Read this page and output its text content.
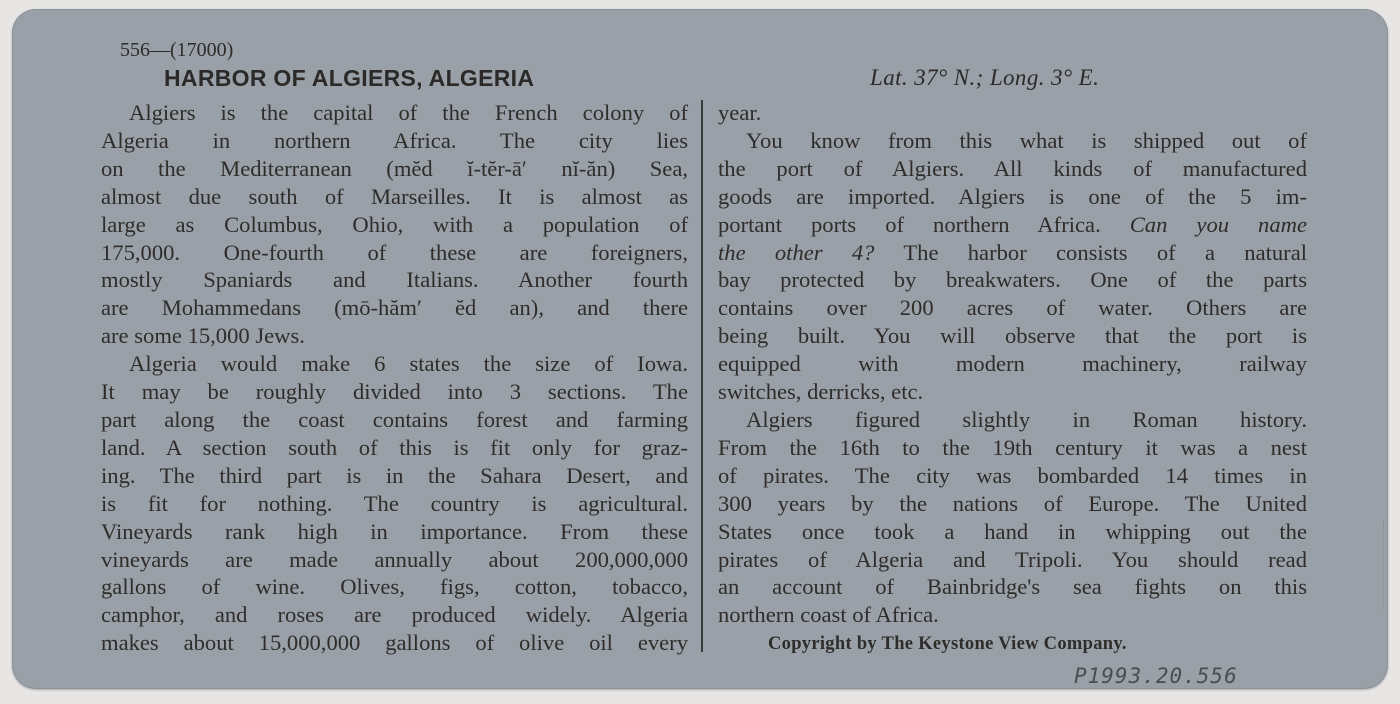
556—(17000)
HARBOR OF ALGIERS, ALGERIA	Lat. 37° N.; Long. 3° E.
Algiers is the capital of the French colony of
Algeria in northern Africa. The city lies
on the Mediterranean (mĕd ĭ-tĕr-ā′ nĭ-ăn) Sea,
almost due south of Marseilles. It is almost as
large as Columbus, Ohio, with a population of
175,000. One-fourth of these are foreigners,
mostly Spaniards and Italians. Another fourth
are Mohammedans (mō-hăm′ ĕd an), and there
are some 15,000 Jews.
Algeria would make 6 states the size of Iowa.
It may be roughly divided into 3 sections. The
part along the coast contains forest and farming
land. A section south of this is fit only for graz-
ing. The third part is in the Sahara Desert, and
is fit for nothing. The country is agricultural.
Vineyards rank high in importance. From these
vineyards are made annually about 200,000,000
gallons of wine. Olives, figs, cotton, tobacco,
camphor, and roses are produced widely. Algeria
makes about 15,000,000 gallons of olive oil every
year.
You know from this what is shipped out of
the port of Algiers. All kinds of manufactured
goods are imported. Algiers is one of the 5 im-
portant ports of northern Africa. Can you name
the other 4? The harbor consists of a natural
bay protected by breakwaters. One of the parts
contains over 200 acres of water. Others are
being built. You will observe that the port is
equipped with modern machinery, railway
switches, derricks, etc.
Algiers figured slightly in Roman history.
From the 16th to the 19th century it was a nest
of pirates. The city was bombarded 14 times in
300 years by the nations of Europe. The United
States once took a hand in whipping out the
pirates of Algeria and Tripoli. You should read
an account of Bainbridge's sea fights on this
northern coast of Africa.
Copyright by The Keystone View Company.
P1993.20.556
